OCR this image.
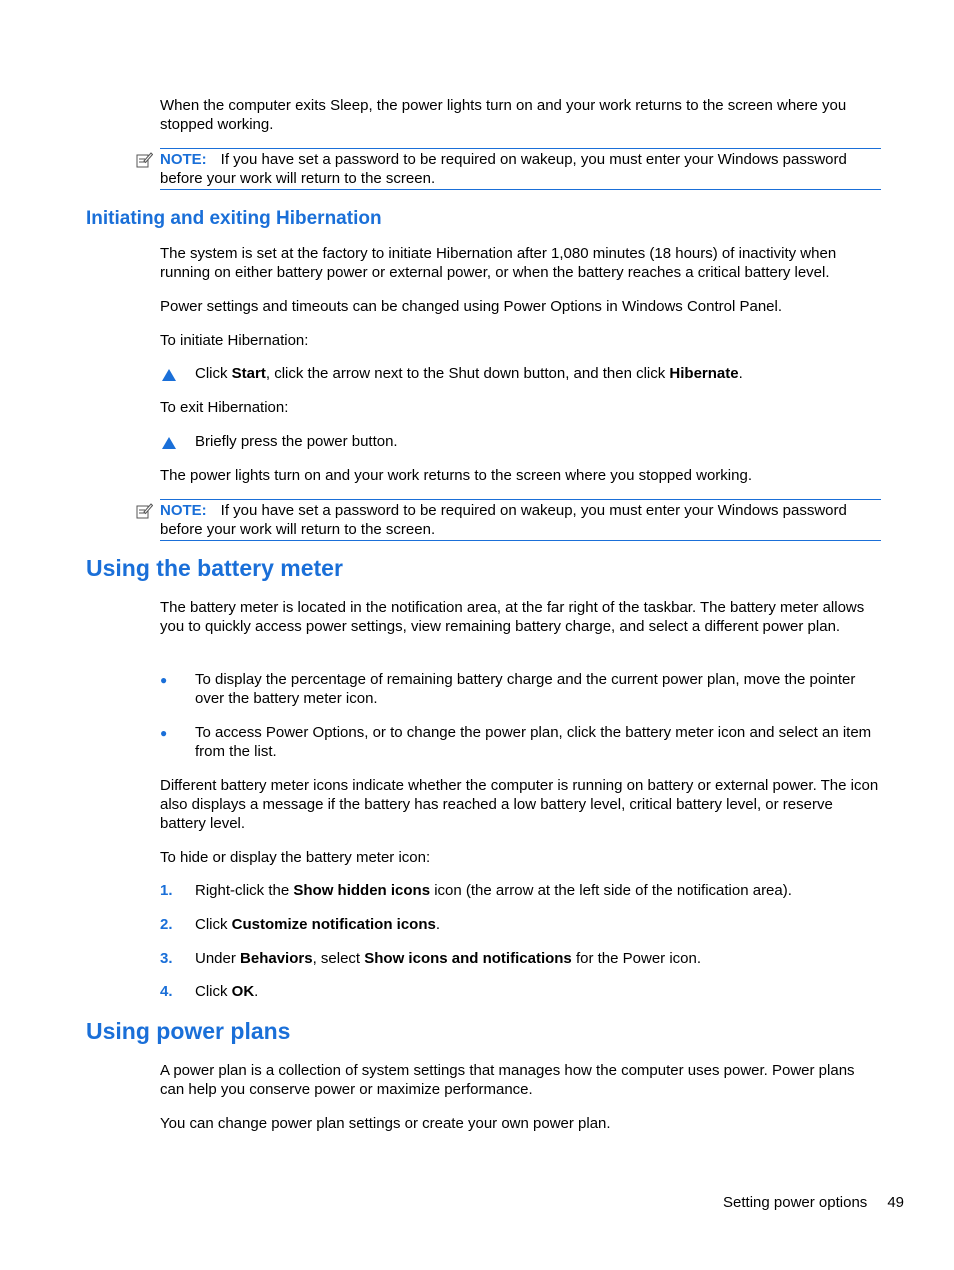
When the computer exits Sleep, the power lights turn on and your work returns to the screen where you stopped working.

NOTE: If you have set a password to be required on wakeup, you must enter your Windows password before your work will return to the screen.
Initiating and exiting Hibernation

The system is set at the factory to initiate Hibernation after 1,080 minutes (18 hours) of inactivity when running on either battery power or external power, or when the battery reaches a critical battery level.

Power settings and timeouts can be changed using Power Options in Windows Control Panel.

To initiate Hibernation:

Click Start, click the arrow next to the Shut down button, and then click Hibernate.

To exit Hibernation:

Briefly press the power button.

The power lights turn on and your work returns to the screen where you stopped working.

NOTE: If you have set a password to be required on wakeup, you must enter your Windows password before your work will return to the screen.
Using the battery meter

The battery meter is located in the notification area, at the far right of the taskbar. The battery meter allows you to quickly access power settings, view remaining battery charge, and select a different power plan.

● To display the percentage of remaining battery charge and the current power plan, move the pointer over the battery meter icon.
● To access Power Options, or to change the power plan, click the battery meter icon and select an item from the list.

Different battery meter icons indicate whether the computer is running on battery or external power. The icon also displays a message if the battery has reached a low battery level, critical battery level, or reserve battery level.

To hide or display the battery meter icon:

1.	Right-click the Show hidden icons icon (the arrow at the left side of the notification area).
2.	Click Customize notification icons.
3.	Under Behaviors, select Show icons and notifications for the Power icon.
4.	Click OK.
Using power plans

A power plan is a collection of system settings that manages how the computer uses power. Power plans can help you conserve power or maximize performance.

You can change power plan settings or create your own power plan.

Setting power options 49
